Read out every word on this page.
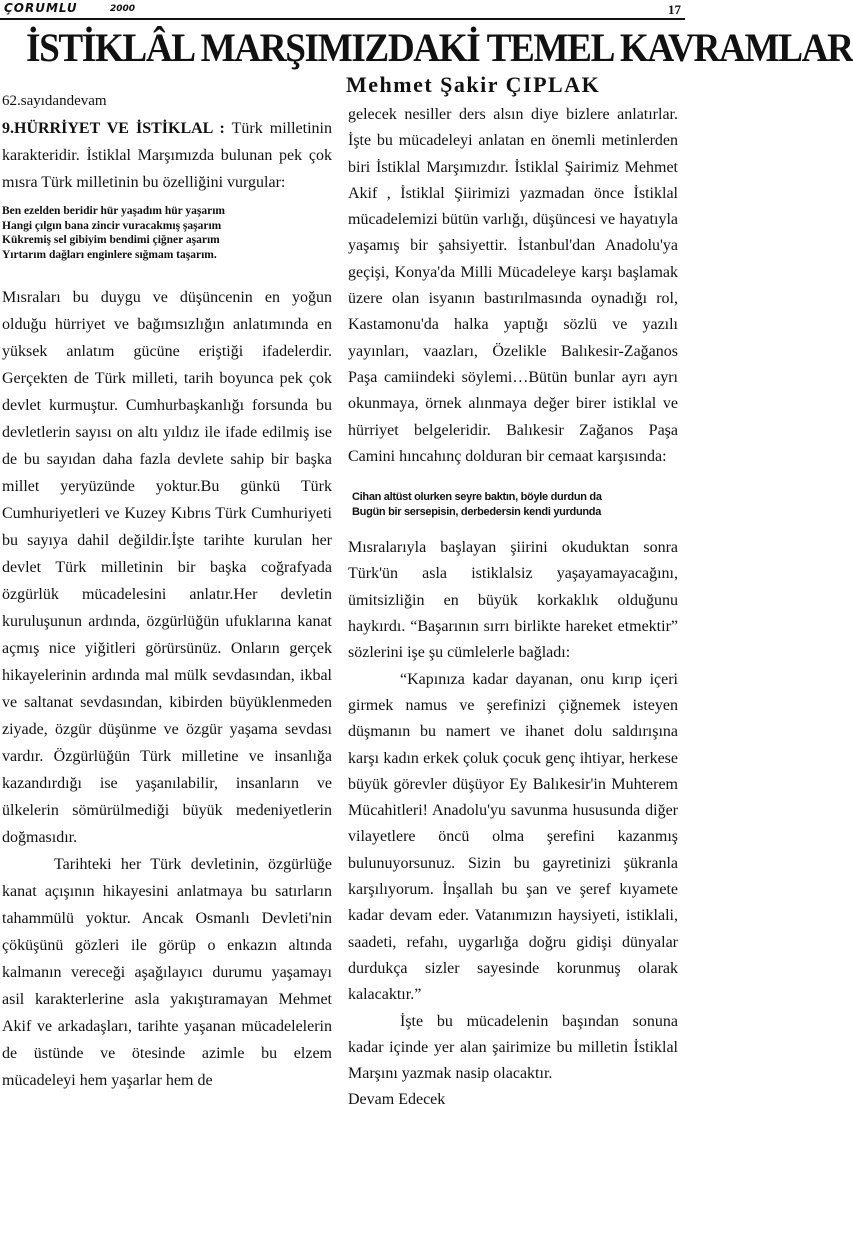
ÇORUMLU	2000	17
İSTİKLÂL MARŞIMIZDAKİ TEMEL KAVRAMLAR
Mehmet Şakir ÇIPLAK

62.sayıdandevam

9.HÜRRİYET VE İSTİKLAL : Türk milletinin karakteridir. İstiklal Marşımızda bulunan pek çok mısra Türk milletinin bu özelliğini vurgular:

Ben ezelden beridir hür yaşadım hür yaşarım
Hangi çılgın bana zincir vuracakmış şaşarım
Kükremiş sel gibiyim bendimi çiğner aşarım
Yırtarım dağları enginlere sığmam taşarım.

Mısraları bu duygu ve düşüncenin en yoğun olduğu hürriyet ve bağımsızlığın anlatımında en yüksek anlatım gücüne eriştiği ifadelerdir. Gerçekten de Türk milleti, tarih boyunca pek çok devlet kurmuştur. Cumhurbaşkanlığı forsunda bu devletlerin sayısı on altı yıldız ile ifade edilmiş ise de bu sayıdan daha fazla devlete sahip bir başka millet yeryüzünde yoktur.Bu günkü Türk Cumhuriyetleri ve Kuzey Kıbrıs Türk Cumhuriyeti bu sayıya dahil değildir.İşte tarihte kurulan her devlet Türk milletinin bir başka coğrafyada özgürlük mücadelesini anlatır.Her devletin kuruluşunun ardında, özgürlüğün ufuklarına kanat açmış nice yiğitleri görürsünüz. Onların gerçek hikayelerinin ardında mal mülk sevdasından, ikbal ve saltanat sevdasından, kibirden büyüklenmeden ziyade, özgür düşünme ve özgür yaşama sevdası vardır. Özgürlüğün Türk milletine ve insanlığa kazandırdığı ise yaşanılabilir, insanların ve ülkelerin sömürülmediği büyük medeniyetlerin doğmasıdır.

Tarihteki her Türk devletinin, özgürlüğe kanat açışının hikayesini anlatmaya bu satırların tahammülü yoktur. Ancak Osmanlı Devleti'nin çöküşünü gözleri ile görüp o enkazın altında kalmanın vereceği aşağılayıcı durumu yaşamayı asil karakterlerine asla yakıştıramayan Mehmet Akif ve arkadaşları, tarihte yaşanan mücadelelerin de üstünde ve ötesinde azimle bu elzem mücadeleyi hem yaşarlar hem de

gelecek nesiller ders alsın diye bizlere anlatırlar. İşte bu mücadeleyi anlatan en önemli metinlerden biri İstiklal Marşımızdır. İstiklal Şairimiz Mehmet Akif , İstiklal Şiirimizi yazmadan önce İstiklal mücadelemizi bütün varlığı, düşüncesi ve hayatıyla yaşamış bir şahsiyettir. İstanbul'dan Anadolu'ya geçişi, Konya'da Milli Mücadeleye karşı başlamak üzere olan isyanın bastırılmasında oynadığı rol, Kastamonu'da halka yaptığı sözlü ve yazılı yayınları, vaazları, Özelikle Balıkesir-Zağanos Paşa camiindeki söylemi…Bütün bunlar ayrı ayrı okunmaya, örnek alınmaya değer birer istiklal ve hürriyet belgeleridir. Balıkesir Zağanos Paşa Camini hıncahınç dolduran bir cemaat karşısında:

Cihan altüst olurken seyre baktın, böyle durdun da
Bugün bir sersерisin, derbedersin kendi yurdunda

Mısralarıyla başlayan şiirini okuduktan sonra Türk'ün asla istiklalsiz yaşayamayacağını, ümitsizliğin en büyük korkaklık olduğunu haykırdı. “Başarının sırrı birlikte hareket etmektir” sözlerini işe şu cümlelerle bağladı:

“Kapınıza kadar dayanan, onu kırıp içeri girmek namus ve şerefinizi çiğnemek isteyen düşmanın bu namert ve ihanet dolu saldırışına karşı kadın erkek çoluk çocuk genç ihtiyar, herkese büyük görevler düşüyor Ey Balıkesir'in Muhterem Mücahitleri! Anadolu'yu savunma hususunda diğer vilayetlere öncü olma şerefini kazanmış bulunuyorsunuz. Sizin bu gayretinizi şükranla karşılıyorum. İnşallah bu şan ve şeref kıyamete kadar devam eder. Vatanımızın haysiyeti, istiklali, saadeti, refahı, uygarlığa doğru gidişi dünyalar durdukça sizler sayesinde korunmuş olarak kalacaktır.”

İşte bu mücadelenin başından sonuna kadar içinde yer alan şairimize bu milletin İstiklal Marşını yazmak nasip olacaktır.

Devam Edecek
